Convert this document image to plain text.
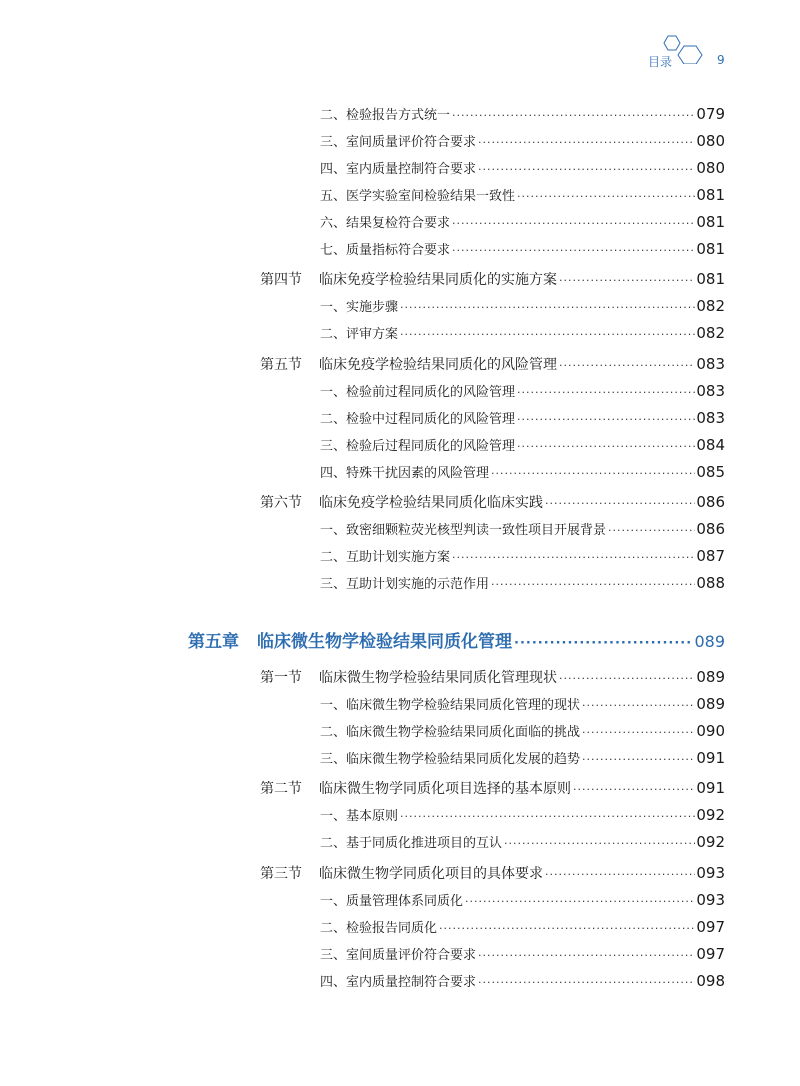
目录	9
二、检验报告方式统一 ·····	079
三、室间质量评价符合要求 ·····	080
四、室内质量控制符合要求 ·····	080
五、医学实验室间检验结果一致性 ·····	081
六、结果复检符合要求 ·····	081
七、质量指标符合要求 ·····	081
第四节	临床免疫学检验结果同质化的实施方案 ·····	081
一、实施步骤 ·····	082
二、评审方案 ·····	082
第五节	临床免疫学检验结果同质化的风险管理 ·····	083
一、检验前过程同质化的风险管理 ·····	083
二、检验中过程同质化的风险管理 ·····	083
三、检验后过程同质化的风险管理 ·····	084
四、特殊干扰因素的风险管理 ·····	085
第六节	临床免疫学检验结果同质化临床实践 ·····	086
一、致密细颗粒荧光核型判读一致性项目开展背景 ·····	086
二、互助计划实施方案 ·····	087
三、互助计划实施的示范作用 ·····	088
第五章	临床微生物学检验结果同质化管理 ·····	089
第一节	临床微生物学检验结果同质化管理现状 ·····	089
一、临床微生物学检验结果同质化管理的现状 ·····	089
二、临床微生物学检验结果同质化面临的挑战 ·····	090
三、临床微生物学检验结果同质化发展的趋势 ·····	091
第二节	临床微生物学同质化项目选择的基本原则 ·····	091
一、基本原则 ·····	092
二、基于同质化推进项目的互认 ·····	092
第三节	临床微生物学同质化项目的具体要求 ·····	093
一、质量管理体系同质化 ·····	093
二、检验报告同质化 ·····	097
三、室间质量评价符合要求 ·····	097
四、室内质量控制符合要求 ·····	098
